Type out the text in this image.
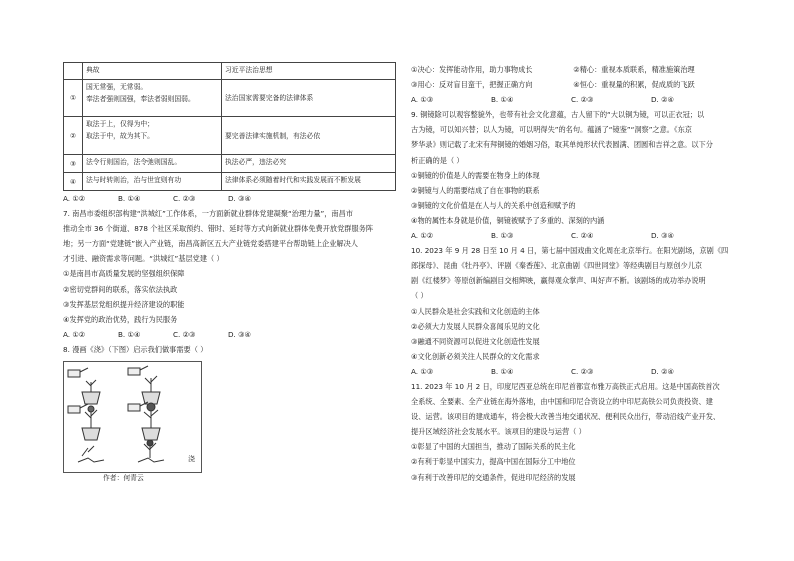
	典故	习近平法治思想
①	国无常强，无常弱。
奉法者强则国强，奉法者弱则国弱。	法治国家需要完备的法律体系
②	取法于上，仅得为中；
取法于中，故为其下。	要完善法律实施机制，有法必依
③	法令行则国治，法令弛则国乱。	执法必严，违法必究
④	法与时转则治，治与世宜则有功	法律体系必须随着时代和实践发展而不断发展
A. ①②	B. ①④	C. ②③	D. ③④

7. 南昌市委组织部构建“洪城红”工作体系，一方面新就业群体党建凝聚“治理力量”，南昌市

推动全市 36 个街道、878 个社区采取预约、错时、延时等方式向新就业群体免费开放党群服务阵

地；另一方面“党建链”嵌入产业链，南昌高新区五大产业链党委搭建平台帮助链上企业解决人

才引进、融资需求等问题。“洪城红”基层党建（ ）

①是南昌市高质量发展的坚强组织保障

②密切党群间的联系，落实依法执政

③发挥基层党组织提升经济建设的职能

④发挥党的政治优势，践行为民服务

A. ①②	B. ①④	C. ②③	D. ③④

8. 漫画《浇》（下图）启示我们做事需要（ ）

浇
作者：何青云
①决心：发挥能动作用，助力事物成长	②精心：重视本质联系，精准施策治理
③用心：反对盲目蛮干，把握正确方向	④恒心：重视量的积累，促成质的飞跃
A. ①③	B. ①④	C. ②③	D. ②④

9. 铜镜除可以观容整貌外，也带有社会文化意蕴，古人留下的“大以铜为镜，可以正衣冠；以

古为镜，可以知兴替；以人为镜，可以明得失”的名句。蕴涵了“镜鉴”“洞察”之意。《东京

梦华录》则记载了北宋有拜铜镜的婚姻习俗，取其单纯形状代表圆满、团圆和吉祥之意。以下分

析正确的是（ ）

①铜镜的价值是人的需要在物身上的体现

②铜镜与人的需要结成了自在事物的联系

③铜镜的文化价值是在人与人的关系中创造和赋予的

④物的属性本身就是价值，铜镜被赋予了多重的、深刻的内涵

A. ①②	B. ①③	C. ②④	D. ③④

10. 2023 年 9 月 28 日至 10 月 4 日，第七届中国戏曲文化周在北京举行。在阳光剧场，京剧《四

郎探母》、昆曲《牡丹亭》、评剧《秦香莲》、北京曲剧《四世同堂》等经典剧目与原创少儿京

剧《红楼梦》等原创新编剧目交相辉映，赢得观众掌声、叫好声不断。该剧场的成功举办说明

（ ）

①人民群众是社会实践和文化创造的主体

②必须大力发展人民群众喜闻乐见的文化

③融通不同资源可以促进文化创造性发展

④文化创新必须关注人民群众的文化需求

A. ①③	B. ①④	C. ②③	D. ②④

11. 2023 年 10 月 2 日，印度尼西亚总统在印尼首都宣布雅万高铁正式启用。这是中国高铁首次

全系统、全要素、全产业链在海外落地，由中国和印尼合资设立的中印尼高铁公司负责投资、建

设、运营。该项目的建成通车，将会极大改善当地交通状况、便利民众出行，带动沿线产业开发、

提升区域经济社会发展水平。该项目的建设与运营（ ）

①彰显了中国的大国担当，推动了国际关系的民主化

②有利于彰显中国实力，提高中国在国际分工中地位

③有利于改善印尼的交通条件，促进印尼经济的发展
